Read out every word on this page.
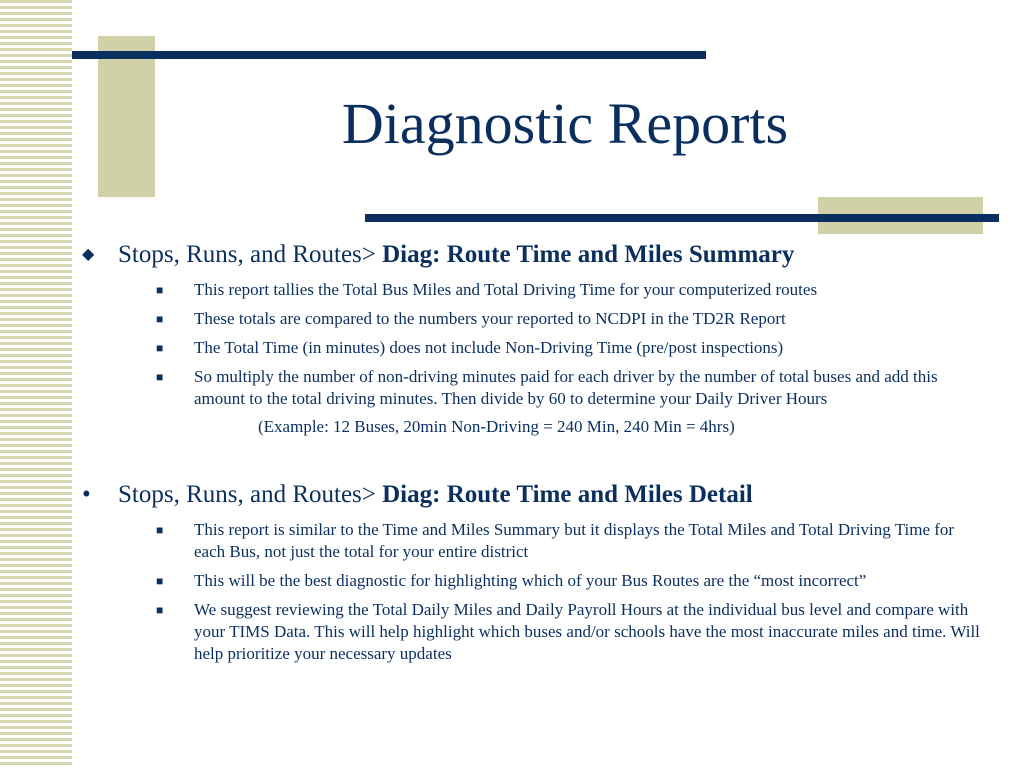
Diagnostic Reports
◆ Stops, Runs, and Routes> Diag: Route Time and Miles Summary
■ This report tallies the Total Bus Miles and Total Driving Time for your computerized routes
■ These totals are compared to the numbers your reported to NCDPI in the TD2R Report
■ The Total Time (in minutes) does not include Non-Driving Time (pre/post inspections)
■ So multiply the number of non-driving minutes paid for each driver by the number of total buses and add this amount to the total driving minutes. Then divide by 60 to determine your Daily Driver Hours
(Example: 12 Buses, 20min Non-Driving = 240 Min, 240 Min = 4hrs)
•	Stops, Runs, and Routes> Diag: Route Time and Miles Detail
■ This report is similar to the Time and Miles Summary but it displays the Total Miles and Total Driving Time for each Bus, not just the total for your entire district
■ This will be the best diagnostic for highlighting which of your Bus Routes are the “most incorrect”
■ We suggest reviewing the Total Daily Miles and Daily Payroll Hours at the individual bus level and compare with your TIMS Data. This will help highlight which buses and/or schools have the most inaccurate miles and time. Will help prioritize your necessary updates
